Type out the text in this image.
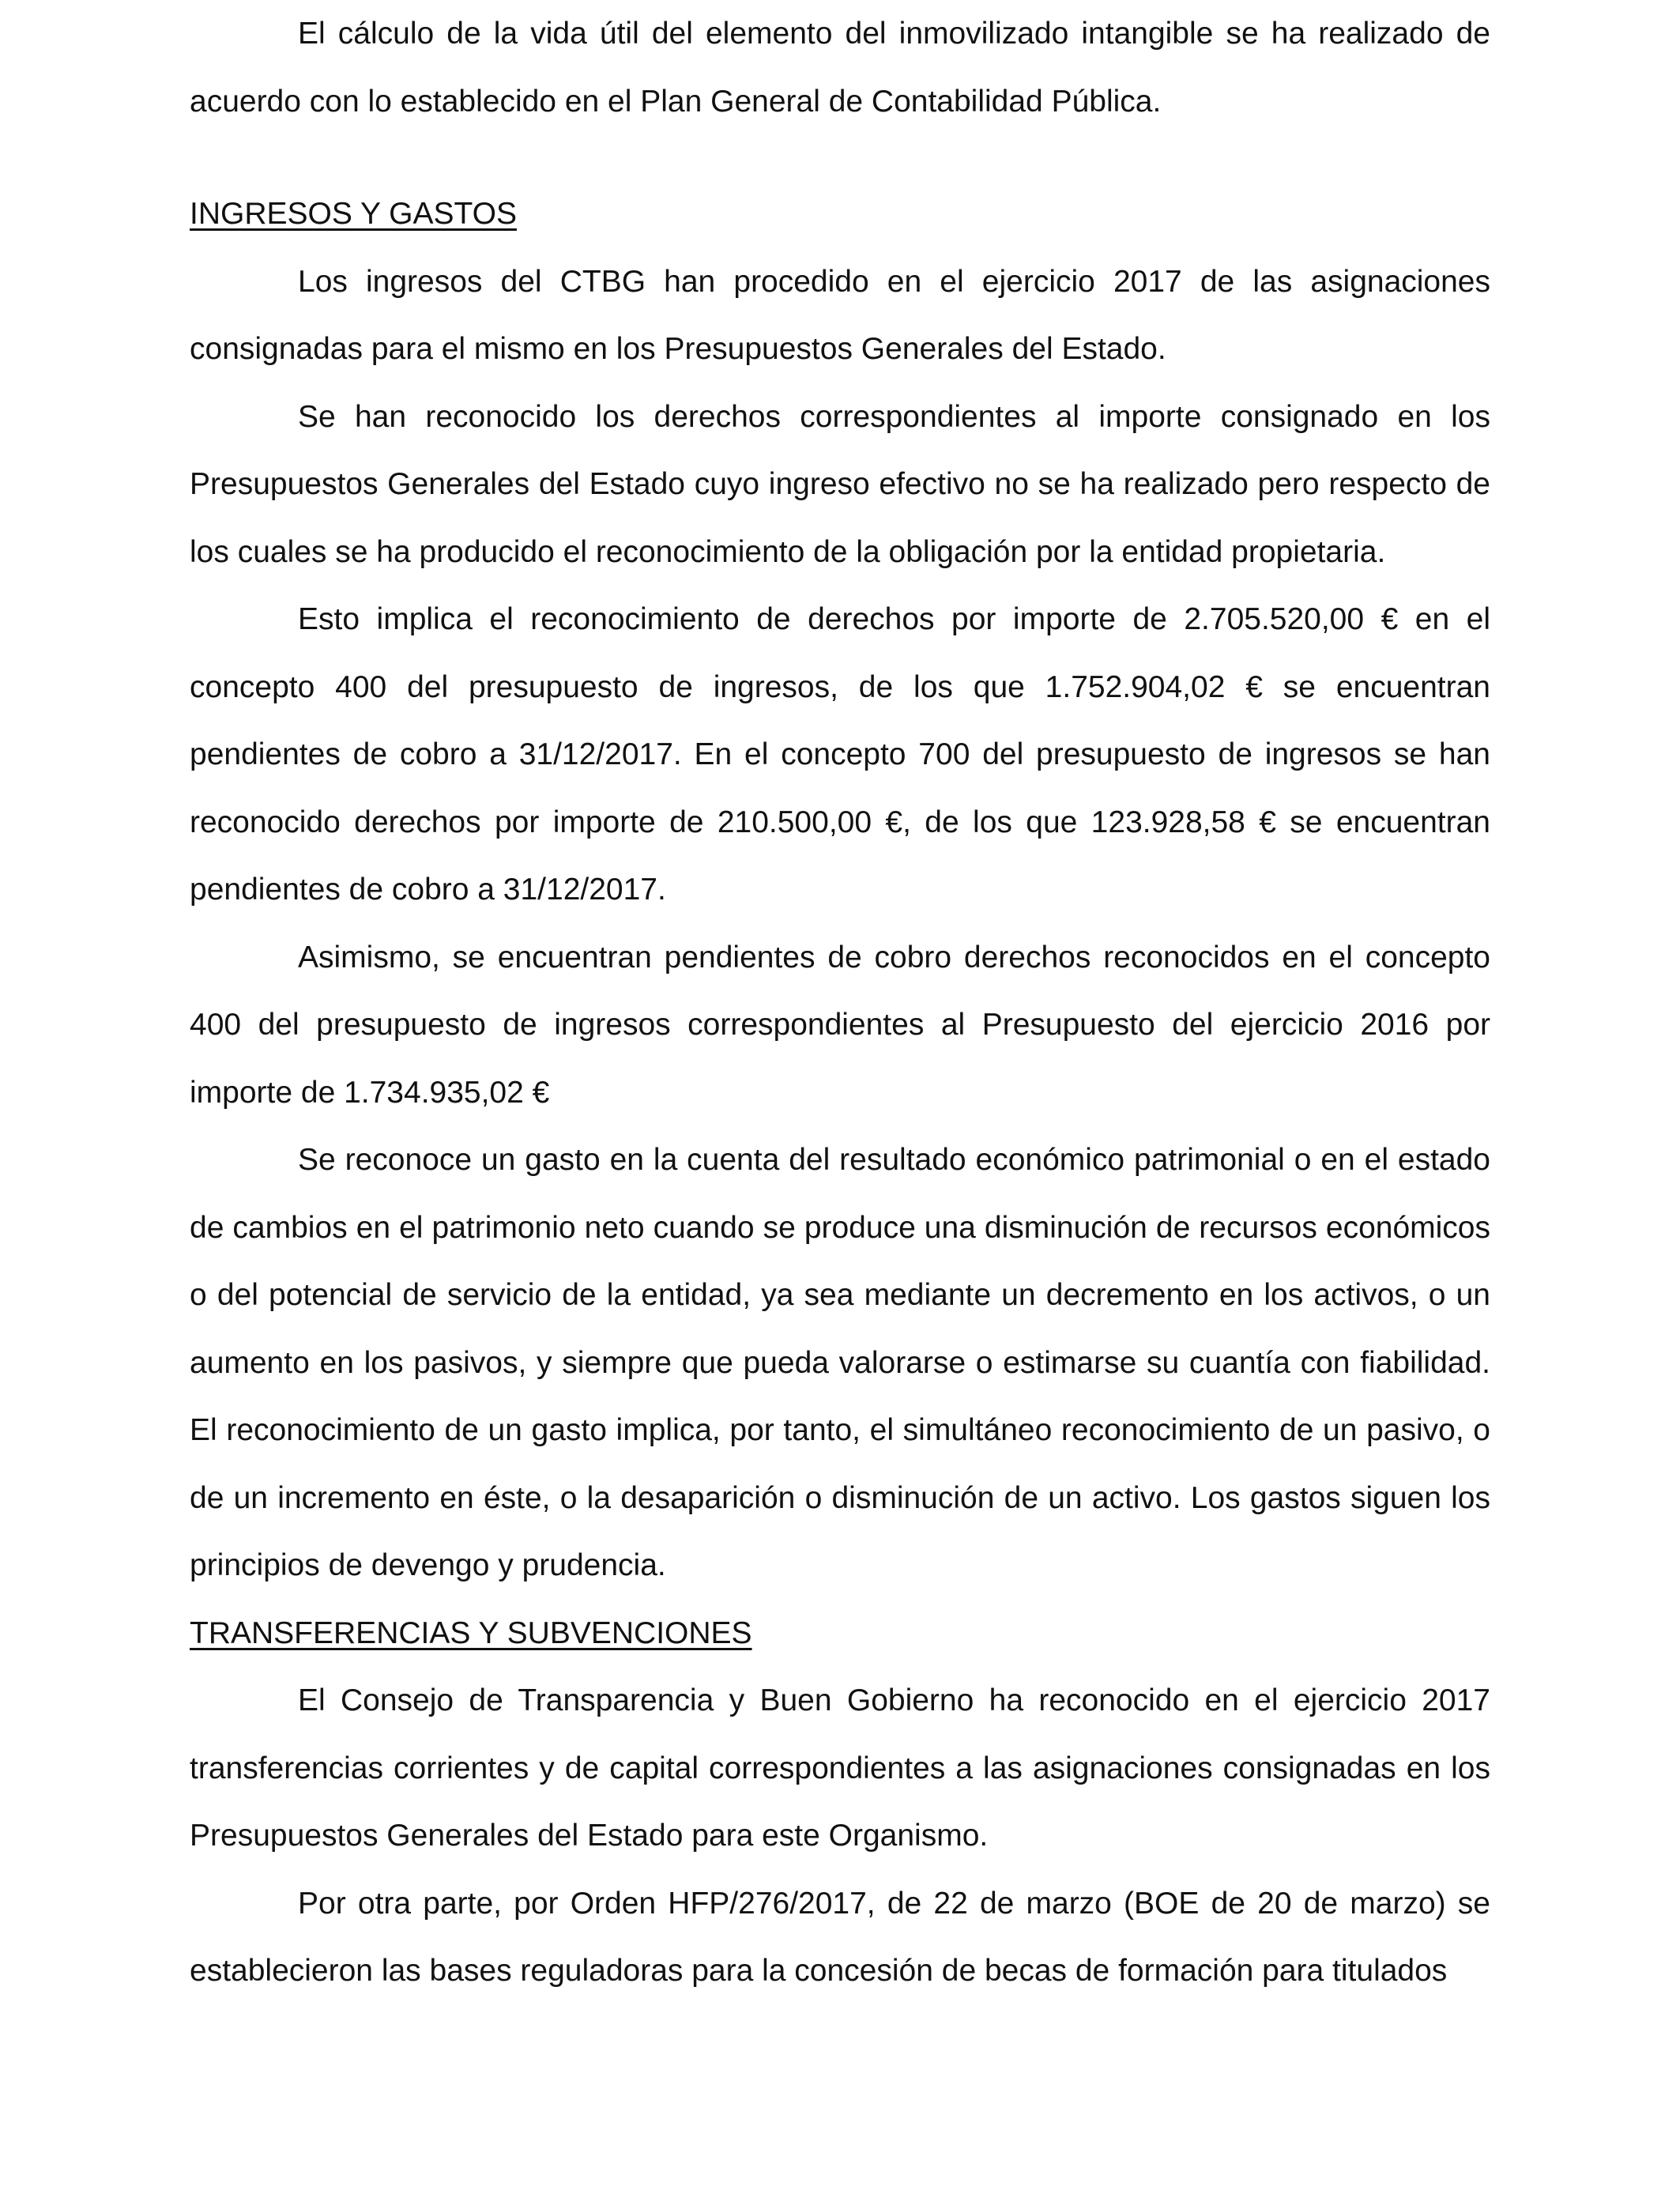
El cálculo de la vida útil del elemento del inmovilizado intangible se ha realizado de acuerdo con lo establecido en el Plan General de Contabilidad Pública.

INGRESOS Y GASTOS

Los ingresos del CTBG han procedido en el ejercicio 2017 de las asignaciones consignadas para el mismo en los Presupuestos Generales del Estado.

Se han reconocido los derechos correspondientes al importe consignado en los Presupuestos Generales del Estado cuyo ingreso efectivo no se ha realizado pero respecto de los cuales se ha producido el reconocimiento de la obligación por la entidad propietaria.

Esto implica el reconocimiento de derechos por importe de 2.705.520,00 € en el concepto 400 del presupuesto de ingresos, de los que 1.752.904,02 € se encuentran pendientes de cobro a 31/12/2017. En el concepto 700 del presupuesto de ingresos se han reconocido derechos por importe de 210.500,00 €, de los que 123.928,58 € se encuentran pendientes de cobro a 31/12/2017.

Asimismo, se encuentran pendientes de cobro derechos reconocidos en el concepto 400 del presupuesto de ingresos correspondientes al Presupuesto del ejercicio 2016 por importe de 1.734.935,02 €

Se reconoce un gasto en la cuenta del resultado económico patrimonial o en el estado de cambios en el patrimonio neto cuando se produce una disminución de recursos económicos o del potencial de servicio de la entidad, ya sea mediante un decremento en los activos, o un aumento en los pasivos, y siempre que pueda valorarse o estimarse su cuantía con fiabilidad. El reconocimiento de un gasto implica, por tanto, el simultáneo reconocimiento de un pasivo, o de un incremento en éste, o la desaparición o disminución de un activo. Los gastos siguen los principios de devengo y prudencia.

TRANSFERENCIAS Y SUBVENCIONES

El Consejo de Transparencia y Buen Gobierno ha reconocido en el ejercicio 2017 transferencias corrientes y de capital correspondientes a las asignaciones consignadas en los Presupuestos Generales del Estado para este Organismo.

Por otra parte, por Orden HFP/276/2017, de 22 de marzo (BOE de 20 de marzo) se establecieron las bases reguladoras para la concesión de becas de formación para titulados
